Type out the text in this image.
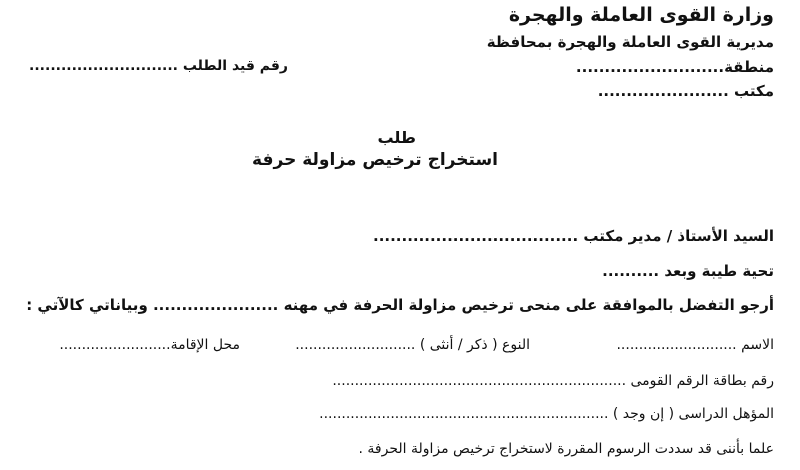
وزارة القوى العاملة والهجرة
مديرية القوى العاملة والهجرة بمحافظة
رقم قيد الطلب ............................	منطقة..........................
مكتب .......................
طلب
استخراج ترخيص مزاولة حرفة
السيد الأستاذ / مدير مكتب ....................................
تحية طيبة وبعد ..........
أرجو التفضل بالموافقة على منحى ترخيص مزاولة الحرفة في مهنه ...................... وبياناتي كالآتي :
محل الإقامة.........................	النوع ( ذكر / أنثى ) ...........................	الاسم ...........................
رقم بطاقة الرقم القومى ..................................................................
المؤهل الدراسى ( إن وجد ) .................................................................
علما بأننى قد سددت الرسوم المقررة لاستخراج ترخيص مزاولة الحرفة .
